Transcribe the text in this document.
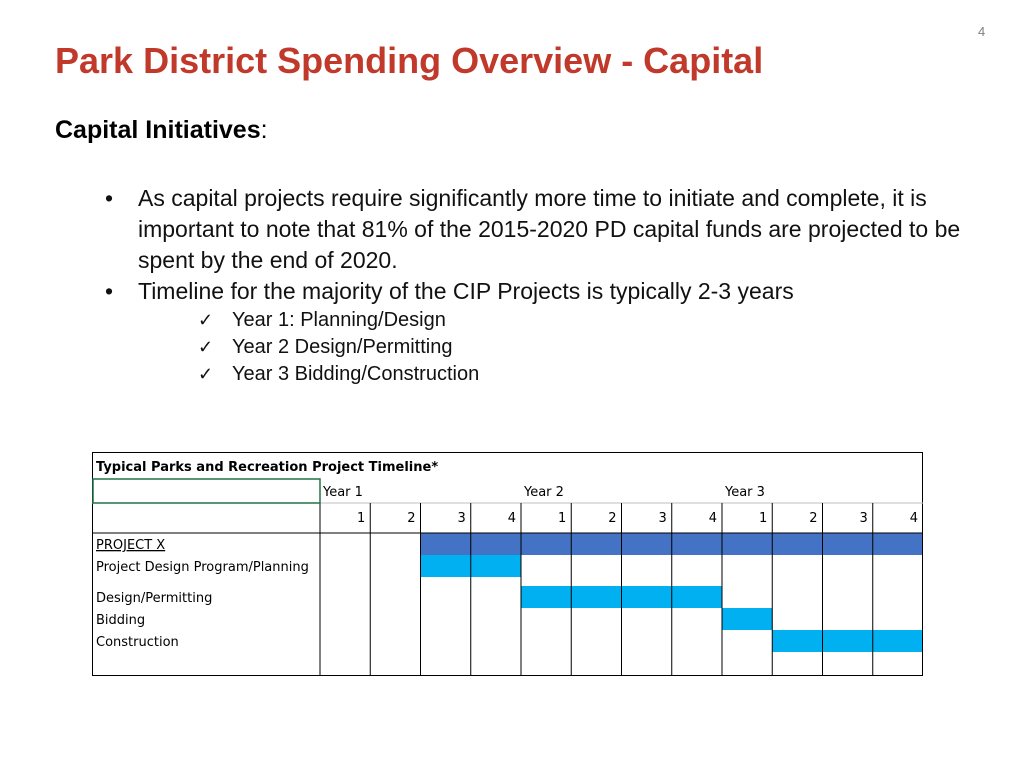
4
Park District Spending Overview - Capital
Capital Initiatives:
• As capital projects require significantly more time to initiate and complete, it is important to note that 81% of the 2015-2020 PD capital funds are projected to be spent by the end of 2020.
• Timeline for the majority of the CIP Projects is typically 2-3 years
✓ Year 1: Planning/Design
✓ Year 2 Design/Permitting
✓ Year 3 Bidding/Construction
Typical Parks and Recreation Project Timeline*
Year 1	Year 2	Year 3
1	2	3	4	1	2	3	4	1	2	3	4
PROJECT X
Project Design Program/Planning
Design/Permitting
Bidding
Construction
